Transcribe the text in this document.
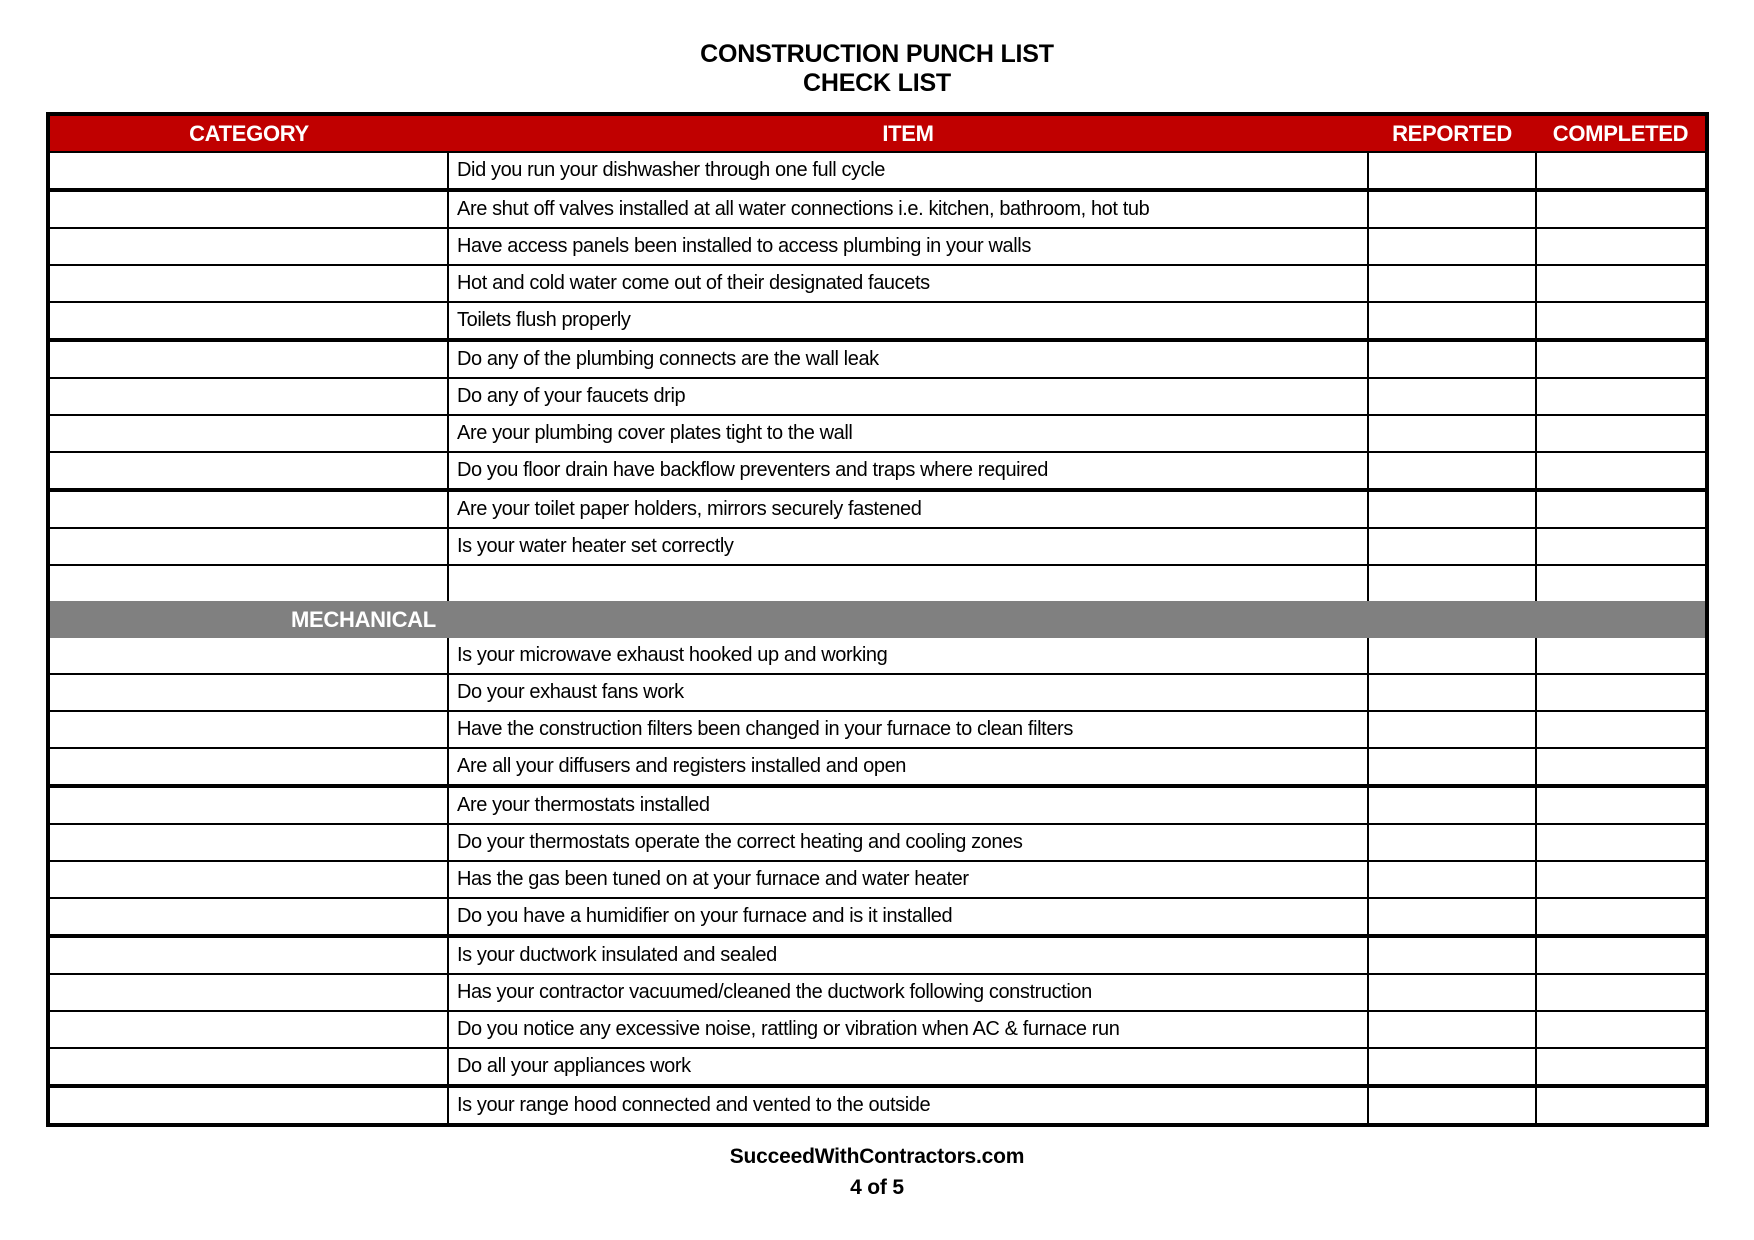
CONSTRUCTION PUNCH LIST
CHECK LIST
CATEGORY	ITEM	REPORTED	COMPLETED
	Did you run your dishwasher through one full cycle		
	Are shut off valves installed at all water connections i.e. kitchen, bathroom, hot tub		
	Have access panels been installed to access plumbing in your walls		
	Hot and cold water come out of their designated faucets		
	Toilets flush properly		
	Do any of the plumbing connects are the wall leak		
	Do any of your faucets drip		
	Are your plumbing cover plates tight to the wall		
	Do you floor drain have backflow preventers and traps where required		
	Are your toilet paper holders, mirrors securely fastened		
	Is your water heater set correctly		

MECHANICAL			
	Is your microwave exhaust hooked up and working		
	Do your exhaust fans work		
	Have the construction filters been changed in your furnace to clean filters		
	Are all your diffusers and registers installed and open		
	Are your thermostats installed		
	Do your thermostats operate the correct heating and cooling zones		
	Has the gas been tuned on at your furnace and water heater		
	Do you have a humidifier on your furnace and is it installed		
	Is your ductwork insulated and sealed		
	Has your contractor vacuumed/cleaned the ductwork following construction		
	Do you notice any excessive noise, rattling or vibration when AC & furnace run		
	Do all your appliances work		
	Is your range hood connected and vented to the outside		
SucceedWithContractors.com
4 of 5
